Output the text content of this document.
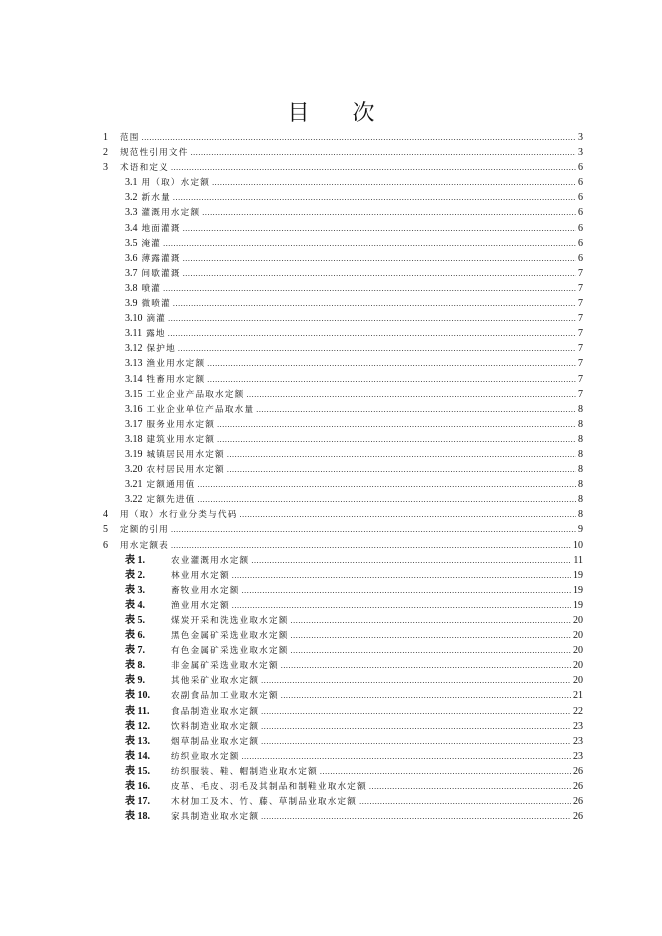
目 次
1	范围 .....	3
2	规范性引用文件 .....	3
3	术语和定义 .....	6
3.1 用（取）水定额 .....	6
3.2 新水量 .....	6
3.3 灌溉用水定额 .....	6
3.4 地面灌溉 .....	6
3.5 淹灌 .....	6
3.6 薄露灌溉 .....	6
3.7 间歇灌溉 .....	7
3.8 喷灌 .....	7
3.9 微喷灌 .....	7
3.10 滴灌 .....	7
3.11 露地 .....	7
3.12 保护地 .....	7
3.13 渔业用水定额 .....	7
3.14 牲畜用水定额 .....	7
3.15 工业企业产品取水定额 .....	7
3.16 工业企业单位产品取水量 .....	8
3.17 服务业用水定额 .....	8
3.18 建筑业用水定额 .....	8
3.19 城镇居民用水定额 .....	8
3.20 农村居民用水定额 .....	8
3.21 定额通用值 .....	8
3.22 定额先进值 .....	8
4	用（取）水行业分类与代码 .....	8
5	定额的引用 .....	9
6	用水定额表 .....	10
表 1.	农业灌溉用水定额 .....	11
表 2.	林业用水定额 .....	19
表 3.	畜牧业用水定额 .....	19
表 4.	渔业用水定额 .....	19
表 5.	煤炭开采和洗选业取水定额 .....	20
表 6.	黑色金属矿采选业取水定额 .....	20
表 7.	有色金属矿采选业取水定额 .....	20
表 8.	非金属矿采选业取水定额 .....	20
表 9.	其他采矿业取水定额 .....	20
表 10.	农副食品加工业取水定额 .....	21
表 11.	食品制造业取水定额 .....	22
表 12.	饮料制造业取水定额 .....	23
表 13.	烟草制品业取水定额 .....	23
表 14.	纺织业取水定额 .....	23
表 15.	纺织服装、鞋、帽制造业取水定额 .....	26
表 16.	皮革、毛皮、羽毛及其制品和制鞋业取水定额 .....	26
表 17.	木材加工及木、竹、藤、草制品业取水定额 .....	26
表 18.	家具制造业取水定额 .....	26
